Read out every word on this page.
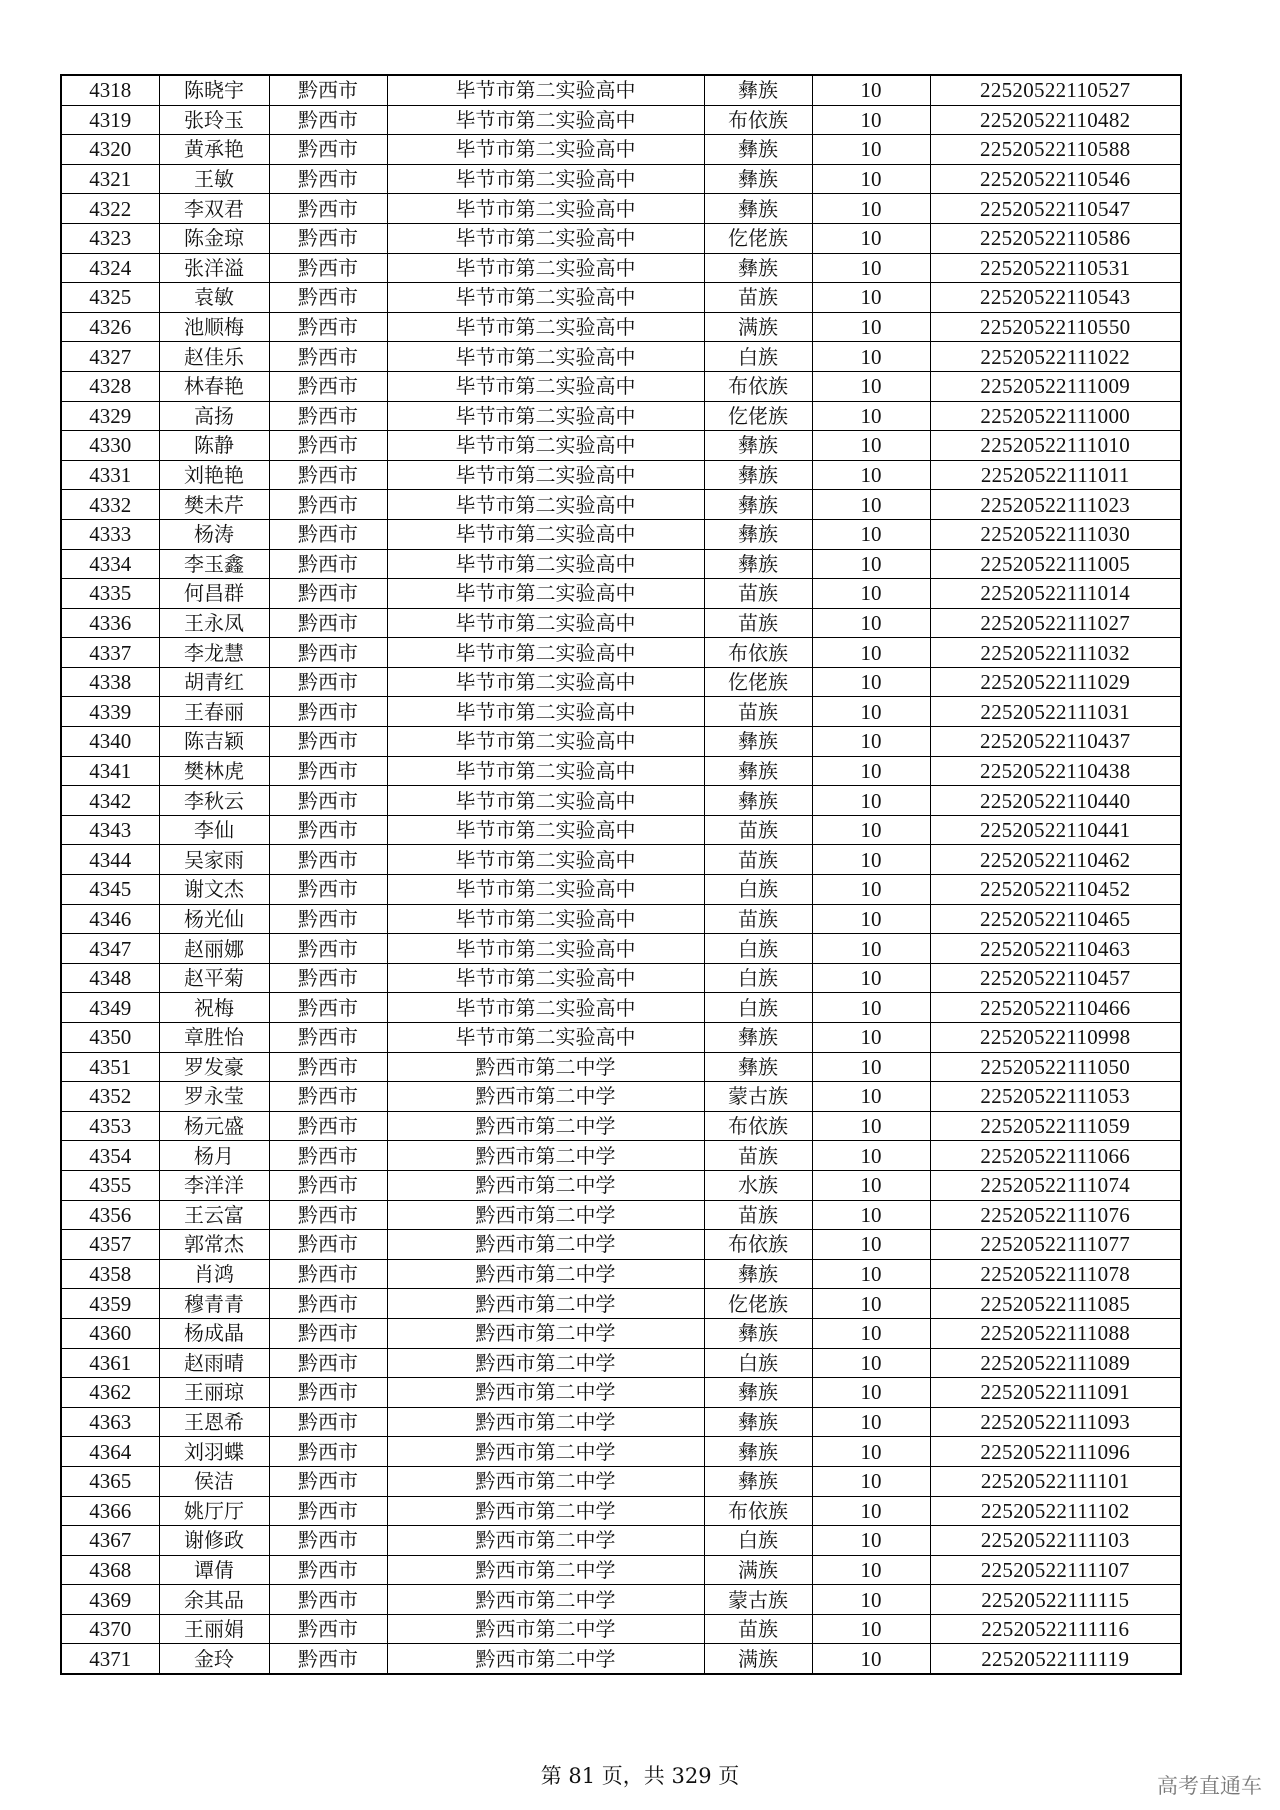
4318	陈晓宇	黔西市	毕节市第二实验高中	彝族	10	22520522110527
4319	张玲玉	黔西市	毕节市第二实验高中	布依族	10	22520522110482
4320	黄承艳	黔西市	毕节市第二实验高中	彝族	10	22520522110588
4321	王敏	黔西市	毕节市第二实验高中	彝族	10	22520522110546
4322	李双君	黔西市	毕节市第二实验高中	彝族	10	22520522110547
4323	陈金琼	黔西市	毕节市第二实验高中	仡佬族	10	22520522110586
4324	张洋溢	黔西市	毕节市第二实验高中	彝族	10	22520522110531
4325	袁敏	黔西市	毕节市第二实验高中	苗族	10	22520522110543
4326	池顺梅	黔西市	毕节市第二实验高中	满族	10	22520522110550
4327	赵佳乐	黔西市	毕节市第二实验高中	白族	10	22520522111022
4328	林春艳	黔西市	毕节市第二实验高中	布依族	10	22520522111009
4329	高扬	黔西市	毕节市第二实验高中	仡佬族	10	22520522111000
4330	陈静	黔西市	毕节市第二实验高中	彝族	10	22520522111010
4331	刘艳艳	黔西市	毕节市第二实验高中	彝族	10	22520522111011
4332	樊未芹	黔西市	毕节市第二实验高中	彝族	10	22520522111023
4333	杨涛	黔西市	毕节市第二实验高中	彝族	10	22520522111030
4334	李玉鑫	黔西市	毕节市第二实验高中	彝族	10	22520522111005
4335	何昌群	黔西市	毕节市第二实验高中	苗族	10	22520522111014
4336	王永凤	黔西市	毕节市第二实验高中	苗族	10	22520522111027
4337	李龙慧	黔西市	毕节市第二实验高中	布依族	10	22520522111032
4338	胡青红	黔西市	毕节市第二实验高中	仡佬族	10	22520522111029
4339	王春丽	黔西市	毕节市第二实验高中	苗族	10	22520522111031
4340	陈吉颖	黔西市	毕节市第二实验高中	彝族	10	22520522110437
4341	樊林虎	黔西市	毕节市第二实验高中	彝族	10	22520522110438
4342	李秋云	黔西市	毕节市第二实验高中	彝族	10	22520522110440
4343	李仙	黔西市	毕节市第二实验高中	苗族	10	22520522110441
4344	吴家雨	黔西市	毕节市第二实验高中	苗族	10	22520522110462
4345	谢文杰	黔西市	毕节市第二实验高中	白族	10	22520522110452
4346	杨光仙	黔西市	毕节市第二实验高中	苗族	10	22520522110465
4347	赵丽娜	黔西市	毕节市第二实验高中	白族	10	22520522110463
4348	赵平菊	黔西市	毕节市第二实验高中	白族	10	22520522110457
4349	祝梅	黔西市	毕节市第二实验高中	白族	10	22520522110466
4350	章胜怡	黔西市	毕节市第二实验高中	彝族	10	22520522110998
4351	罗发豪	黔西市	黔西市第二中学	彝族	10	22520522111050
4352	罗永莹	黔西市	黔西市第二中学	蒙古族	10	22520522111053
4353	杨元盛	黔西市	黔西市第二中学	布依族	10	22520522111059
4354	杨月	黔西市	黔西市第二中学	苗族	10	22520522111066
4355	李洋洋	黔西市	黔西市第二中学	水族	10	22520522111074
4356	王云富	黔西市	黔西市第二中学	苗族	10	22520522111076
4357	郭常杰	黔西市	黔西市第二中学	布依族	10	22520522111077
4358	肖鸿	黔西市	黔西市第二中学	彝族	10	22520522111078
4359	穆青青	黔西市	黔西市第二中学	仡佬族	10	22520522111085
4360	杨成晶	黔西市	黔西市第二中学	彝族	10	22520522111088
4361	赵雨晴	黔西市	黔西市第二中学	白族	10	22520522111089
4362	王丽琼	黔西市	黔西市第二中学	彝族	10	22520522111091
4363	王恩希	黔西市	黔西市第二中学	彝族	10	22520522111093
4364	刘羽蝶	黔西市	黔西市第二中学	彝族	10	22520522111096
4365	侯洁	黔西市	黔西市第二中学	彝族	10	22520522111101
4366	姚厅厅	黔西市	黔西市第二中学	布依族	10	22520522111102
4367	谢修政	黔西市	黔西市第二中学	白族	10	22520522111103
4368	谭倩	黔西市	黔西市第二中学	满族	10	22520522111107
4369	余其品	黔西市	黔西市第二中学	蒙古族	10	22520522111115
4370	王丽娟	黔西市	黔西市第二中学	苗族	10	22520522111116
4371	金玲	黔西市	黔西市第二中学	满族	10	22520522111119
第 81 页，共 329 页	高考直通车
